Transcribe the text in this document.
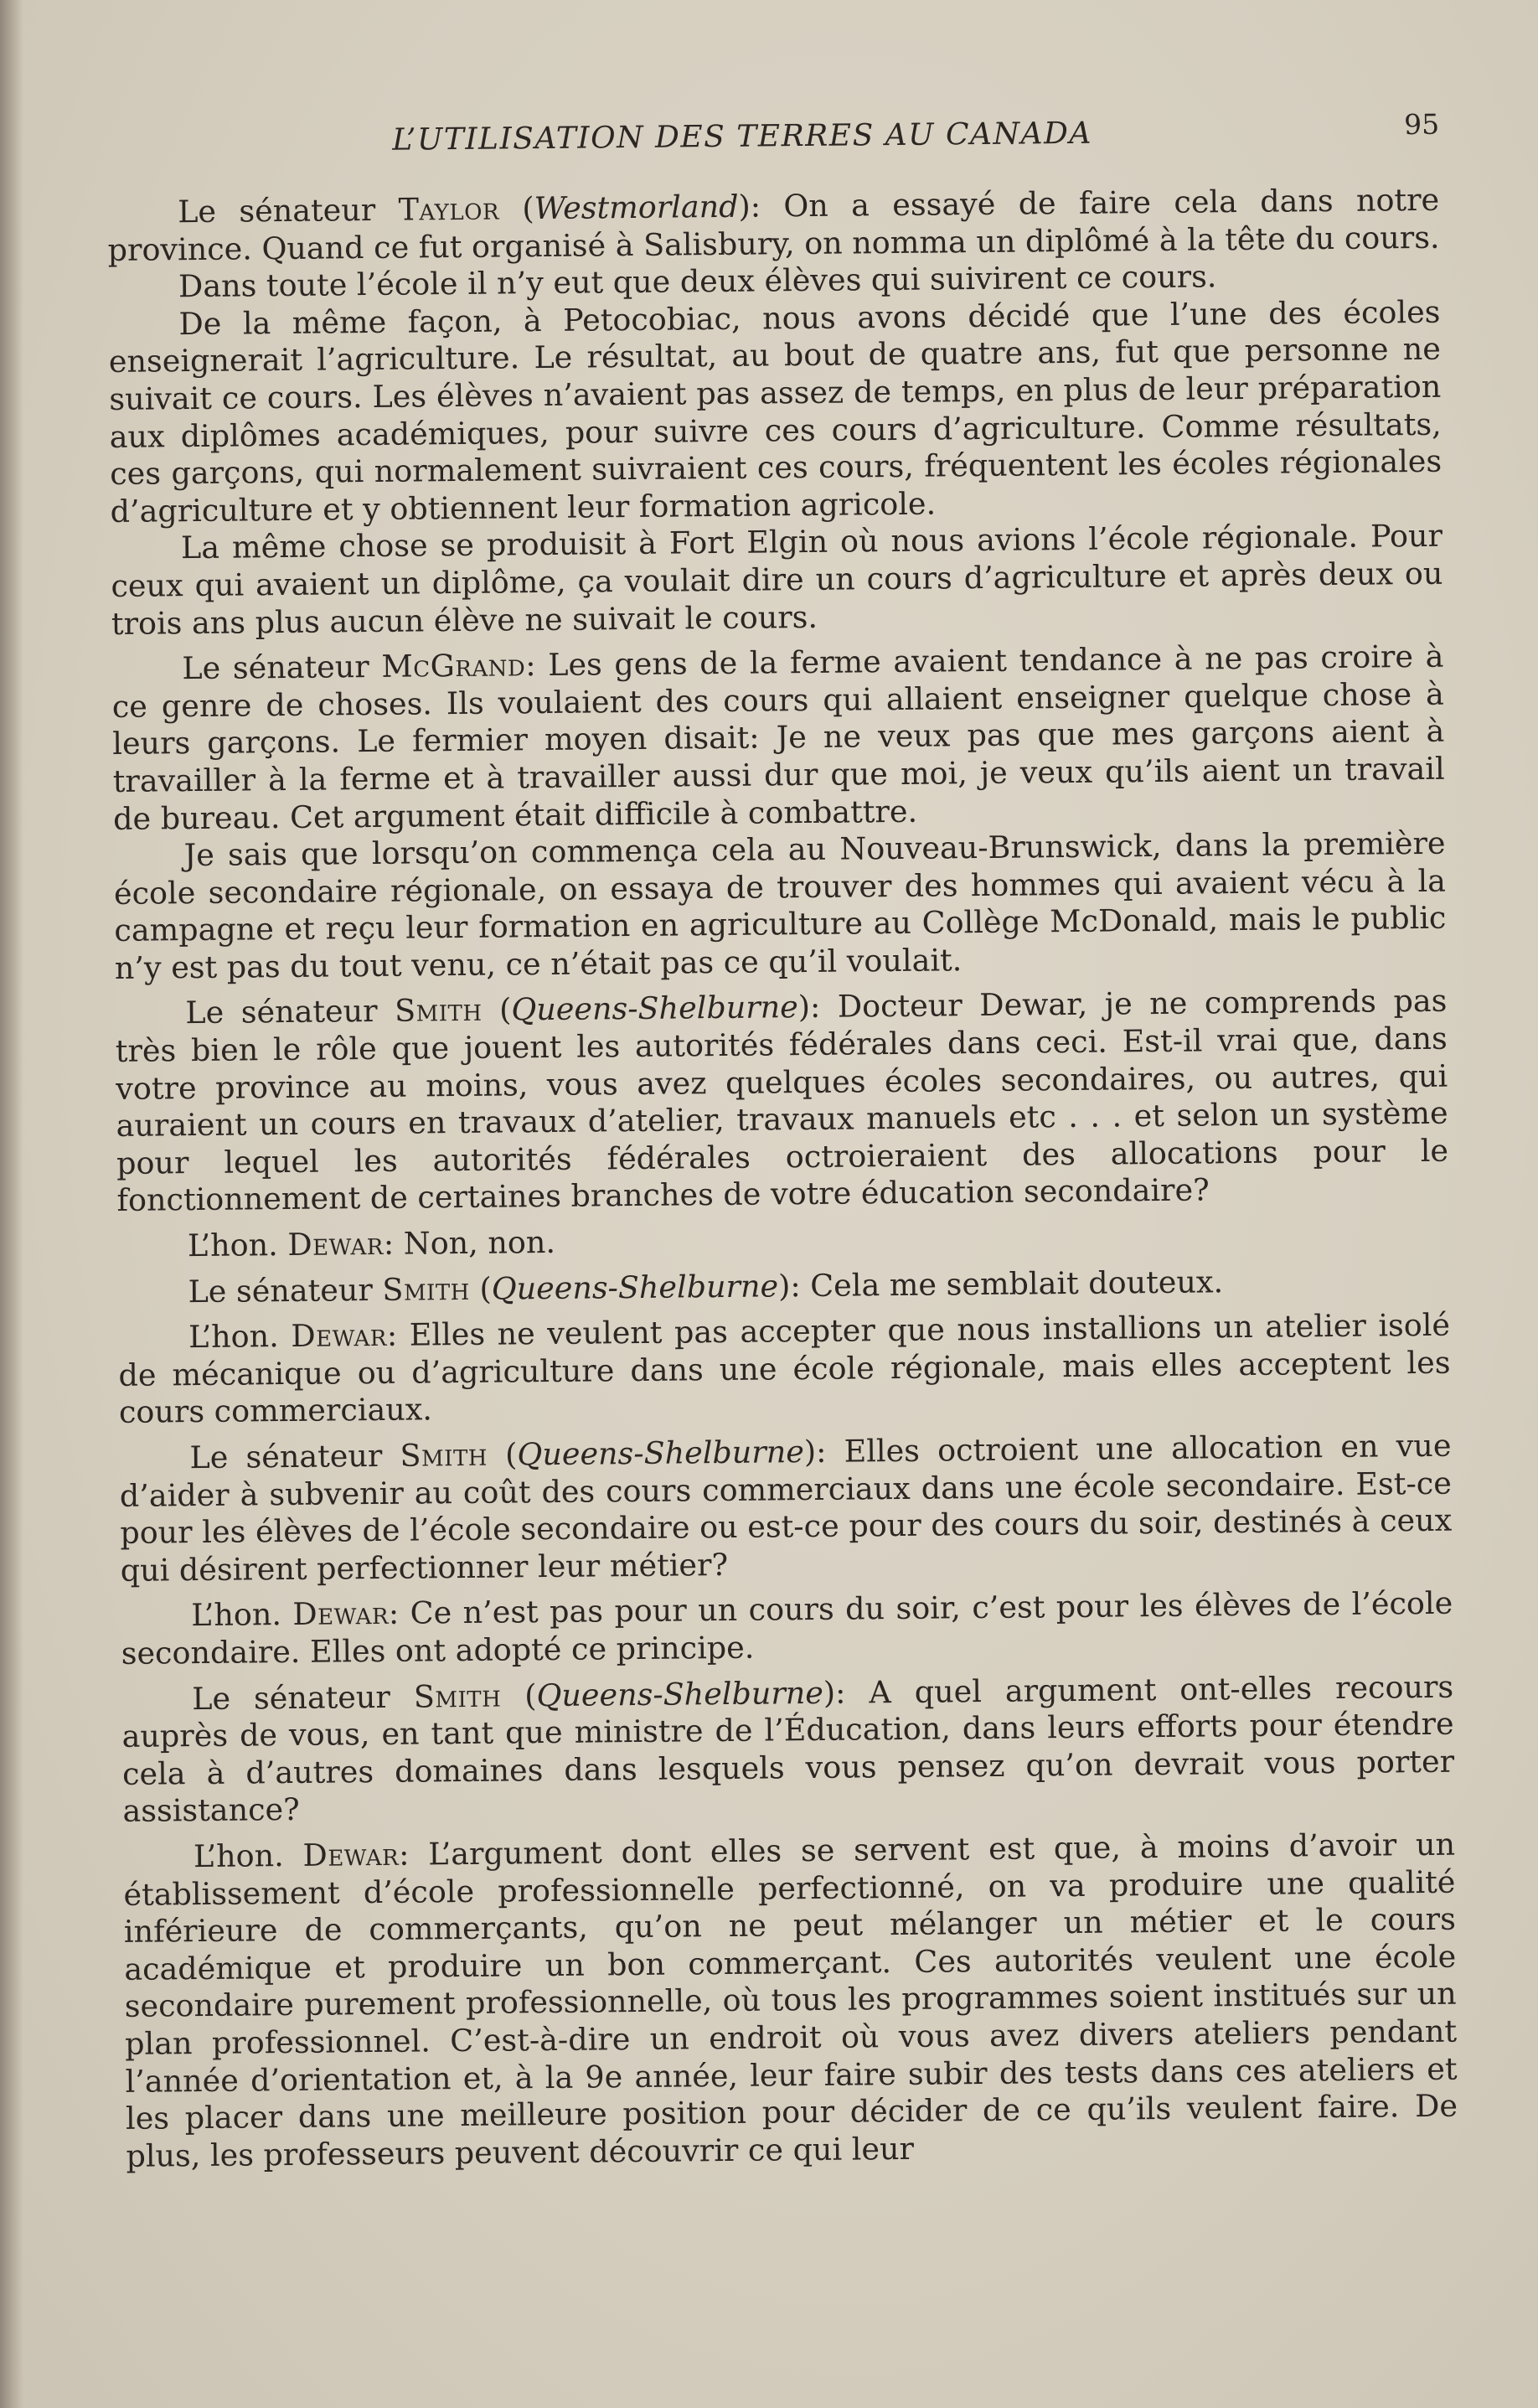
L’UTILISATION DES TERRES AU CANADA	95

Le sénateur Taylor (Westmorland): On a essayé de faire cela dans notre province. Quand ce fut organisé à Salisbury, on nomma un diplômé à la tête du cours.

Dans toute l’école il n’y eut que deux élèves qui suivirent ce cours.

De la même façon, à Petocobiac, nous avons décidé que l’une des écoles enseignerait l’agriculture. Le résultat, au bout de quatre ans, fut que personne ne suivait ce cours. Les élèves n’avaient pas assez de temps, en plus de leur préparation aux diplômes académiques, pour suivre ces cours d’agriculture. Comme résultats, ces garçons, qui normalement suivraient ces cours, fréquentent les écoles régionales d’agriculture et y obtiennent leur formation agricole.

La même chose se produisit à Fort Elgin où nous avions l’école régionale. Pour ceux qui avaient un diplôme, ça voulait dire un cours d’agriculture et après deux ou trois ans plus aucun élève ne suivait le cours.

Le sénateur McGrand: Les gens de la ferme avaient tendance à ne pas croire à ce genre de choses. Ils voulaient des cours qui allaient enseigner quelque chose à leurs garçons. Le fermier moyen disait: Je ne veux pas que mes garçons aient à travailler à la ferme et à travailler aussi dur que moi, je veux qu’ils aient un travail de bureau. Cet argument était difficile à combattre.

Je sais que lorsqu’on commença cela au Nouveau-Brunswick, dans la première école secondaire régionale, on essaya de trouver des hommes qui avaient vécu à la campagne et reçu leur formation en agriculture au Collège McDonald, mais le public n’y est pas du tout venu, ce n’était pas ce qu’il voulait.

Le sénateur Smith (Queens-Shelburne): Docteur Dewar, je ne comprends pas très bien le rôle que jouent les autorités fédérales dans ceci. Est-il vrai que, dans votre province au moins, vous avez quelques écoles secondaires, ou autres, qui auraient un cours en travaux d’atelier, travaux manuels etc . . . et selon un système pour lequel les autorités fédérales octroieraient des allocations pour le fonctionnement de certaines branches de votre éducation secondaire?

L’hon. Dewar: Non, non.

Le sénateur Smith (Queens-Shelburne): Cela me semblait douteux.

L’hon. Dewar: Elles ne veulent pas accepter que nous installions un atelier isolé de mécanique ou d’agriculture dans une école régionale, mais elles acceptent les cours commerciaux.

Le sénateur Smith (Queens-Shelburne): Elles octroient une allocation en vue d’aider à subvenir au coût des cours commerciaux dans une école secondaire. Est-ce pour les élèves de l’école secondaire ou est-ce pour des cours du soir, destinés à ceux qui désirent perfectionner leur métier?

L’hon. Dewar: Ce n’est pas pour un cours du soir, c’est pour les élèves de l’école secondaire. Elles ont adopté ce principe.

Le sénateur Smith (Queens-Shelburne): A quel argument ont-elles recours auprès de vous, en tant que ministre de l’Éducation, dans leurs efforts pour étendre cela à d’autres domaines dans lesquels vous pensez qu’on devrait vous porter assistance?

L’hon. Dewar: L’argument dont elles se servent est que, à moins d’avoir un établissement d’école professionnelle perfectionné, on va produire une qualité inférieure de commerçants, qu’on ne peut mélanger un métier et le cours académique et produire un bon commerçant. Ces autorités veulent une école secondaire purement professionnelle, où tous les programmes soient institués sur un plan professionnel. C’est-à-dire un endroit où vous avez divers ateliers pendant l’année d’orientation et, à la 9e année, leur faire subir des tests dans ces ateliers et les placer dans une meilleure position pour décider de ce qu’ils veulent faire. De plus, les professeurs peuvent découvrir ce qui leur
